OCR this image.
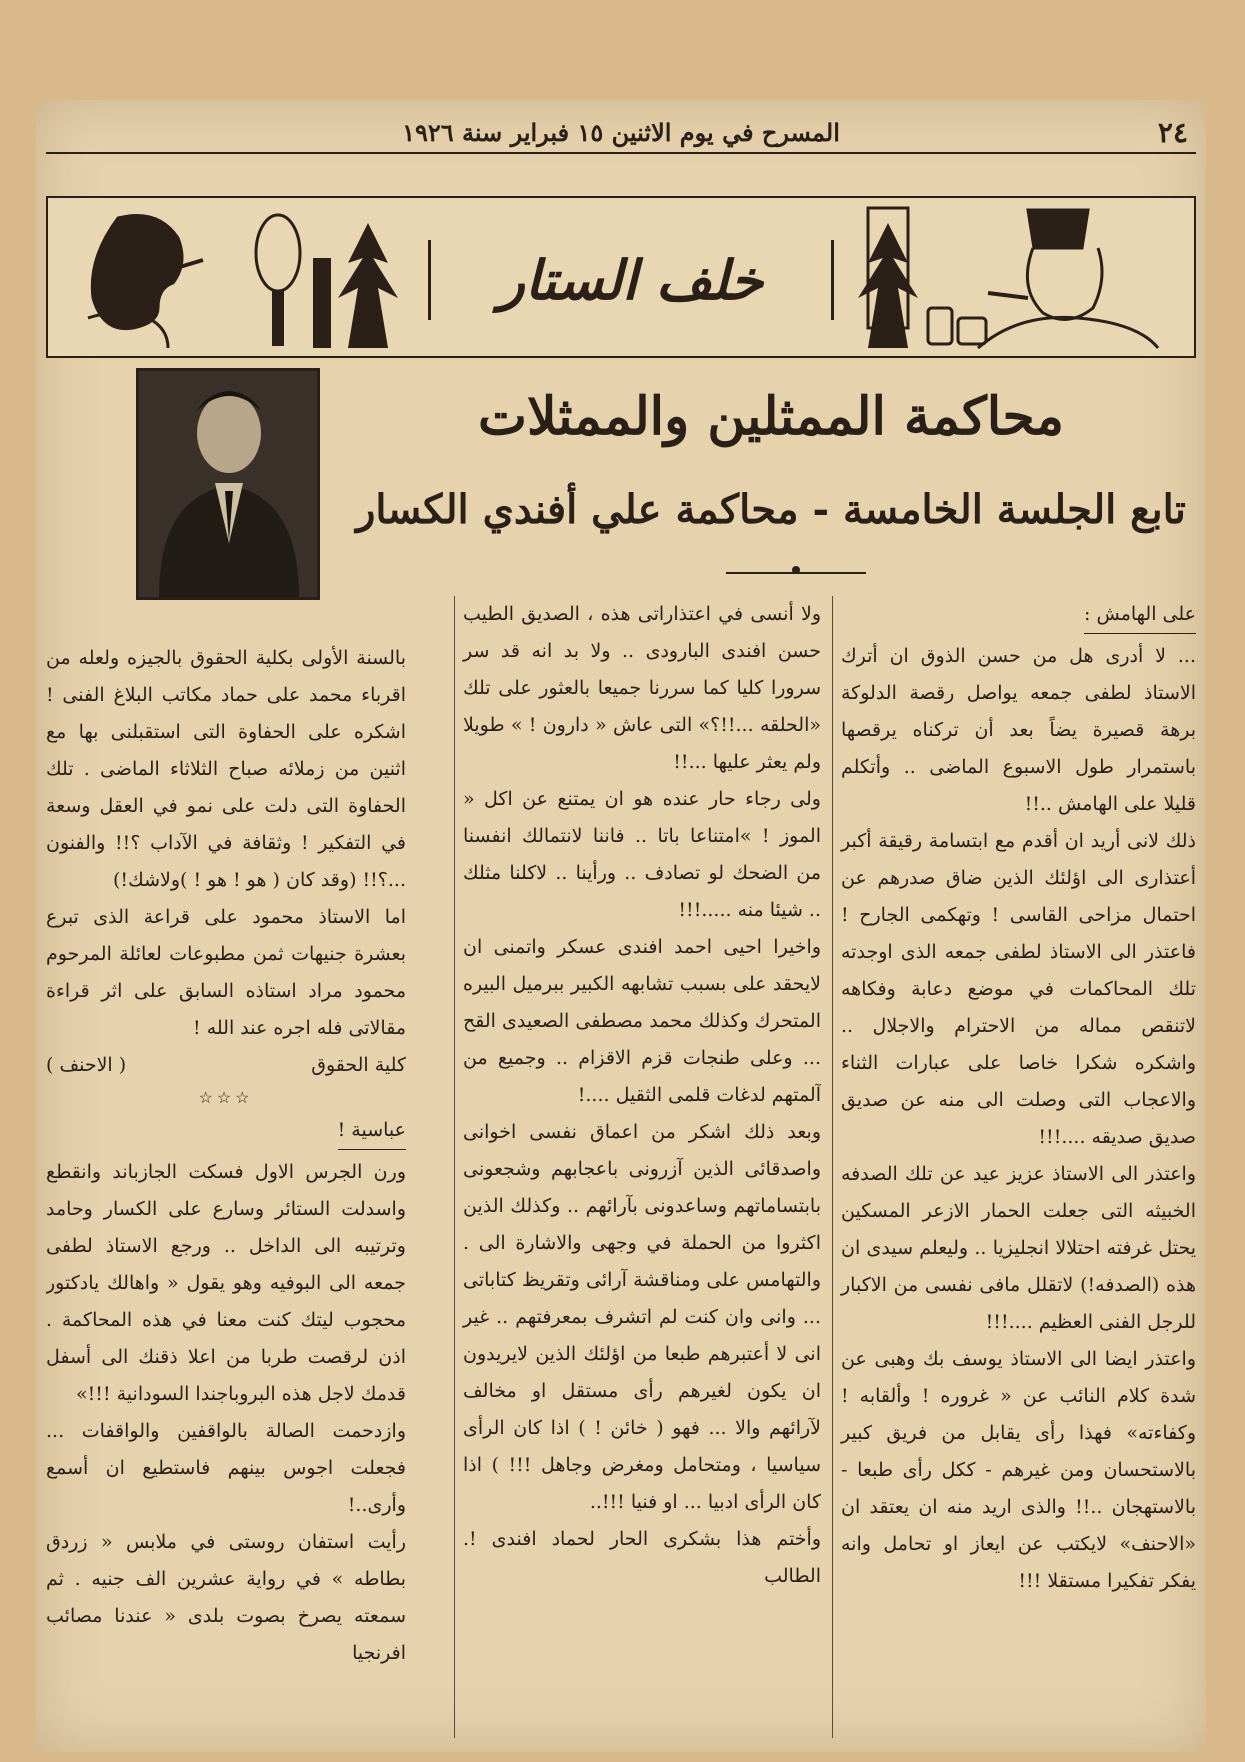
٢٤
المسرح في يوم الاثنين ١٥ فبراير سنة ١٩٢٦
خلف الستار
محاكمة الممثلين والممثلات
تابع الجلسة الخامسة - محاكمة علي أفندي الكسار
على الهامش :

... لا أدرى هل من حسن الذوق ان أترك الاستاذ لطفى جمعه يواصل رقصة الدلوكة برهة قصيرة يضاً بعد أن تركناه يرقصها باستمرار طول الاسبوع الماضى .. وأتكلم قليلا على الهامش ..!!

ذلك لانى أريد ان أقدم مع ابتسامة رقيقة أكبر أعتذارى الى اؤلئك الذين ضاق صدرهم عن احتمال مزاحى القاسى ! وتهكمى الجارح ! فاعتذر الى الاستاذ لطفى جمعه الذى اوجدته تلك المحاكمات في موضع دعابة وفكاهه لاتنقص مماله من الاحترام والاجلال .. واشكره شكرا خاصا على عبارات الثناء والاعجاب التى وصلت الى منه عن صديق صديق صديقه ....!!!

واعتذر الى الاستاذ عزيز عيد عن تلك الصدفه الخبيثه التى جعلت الحمار الازعر المسكين يحتل غرفته احتلالا انجليزيا .. وليعلم سيدى ان هذه (الصدفه!) لاتقلل مافى نفسى من الاكبار للرجل الفنى العظيم ....!!!

واعتذر ايضا الى الاستاذ يوسف بك وهبى عن شدة كلام النائب عن « غروره ! وألقابه ! وكفاءته» فهذا رأى يقابل من فريق كبير بالاستحسان ومن غيرهم - ككل رأى طبعا - بالاستهجان ..!! والذى اريد منه ان يعتقد ان «الاحنف» لايكتب عن ايعاز او تحامل وانه يفكر تفكيرا مستقلا !!!

ولا أنسى في اعتذاراتى هذه ، الصديق الطيب حسن افندى البارودى .. ولا بد انه قد سر سرورا كليا كما سررنا جميعا بالعثور على تلك «الحلقه ...!!؟» التى عاش « دارون ! » طويلا ولم يعثر عليها ...!!

ولى رجاء حار عنده هو ان يمتنع عن اكل « الموز ! »امتناعا باتا .. فاننا لانتمالك انفسنا من الضحك لو تصادف .. ورأينا .. لاكلنا مثلك .. شيئا منه .....!!!

واخيرا احيى احمد افندى عسكر واتمنى ان لايحقد على بسبب تشابهه الكبير ببرميل البيره المتحرك وكذلك محمد مصطفى الصعيدى القح ... وعلى طنجات قزم الاقزام .. وجميع من آلمتهم لدغات قلمى الثقيل ....!

وبعد ذلك اشكر من اعماق نفسى اخوانى واصدقائى الذين آزرونى باعجابهم وشجعونى بابتساماتهم وساعدونى بآرائهم .. وكذلك الذين اكثروا من الحملة في وجهى والاشارة الى . والتهامس على ومناقشة آرائى وتقريظ كتاباتى ... وانى وان كنت لم اتشرف بمعرفتهم .. غير انى لا أعتبرهم طبعا من اؤلئك الذين لايريدون ان يكون لغيرهم رأى مستقل او مخالف لآرائهم والا ... فهو ( خائن ! ) اذا كان الرأى سياسيا ، ومتحامل ومغرض وجاهل !!! ) اذا كان الرأى ادبيا ... او فنيا !!!..

وأختم هذا بشكرى الحار لحماد افندى !. الطالب

بالسنة الأولى بكلية الحقوق بالجيزه ولعله من اقرباء محمد على حماد مكاتب البلاغ الفنى ! اشكره على الحفاوة التى استقبلنى بها مع اثنين من زملائه صباح الثلاثاء الماضى . تلك الحفاوة التى دلت على نمو في العقل وسعة في التفكير ! وثقافة في الآداب ؟!! والفنون ...؟!! (وقد كان ( هو ! هو ! )ولاشك!)

اما الاستاذ محمود على قراعة الذى تبرع بعشرة جنيهات ثمن مطبوعات لعائلة المرحوم محمود مراد استاذه السابق على اثر قراءة مقالاتى فله اجره عند الله !

كلية الحقوق
( الاحنف )
☆☆☆
عباسية !

ورن الجرس الاول فسكت الجازباند وانقطع واسدلت الستائر وسارع على الكسار وحامد وترتيبه الى الداخل .. ورجع الاستاذ لطفى جمعه الى البوفيه وهو يقول « واهالك يادكتور محجوب ليتك كنت معنا في هذه المحاكمة . اذن لرقصت طربا من اعلا ذقنك الى أسفل قدمك لاجل هذه البروباجندا السودانية !!!»

وازدحمت الصالة بالواقفين والواقفات ... فجعلت اجوس بينهم فاستطيع ان أسمع وأرى..!

رأيت استفان روستى في ملابس « زردق بطاطه » في رواية عشرين الف جنيه . ثم سمعته يصرخ بصوت بلدى « عندنا مصائب افرنجيا
